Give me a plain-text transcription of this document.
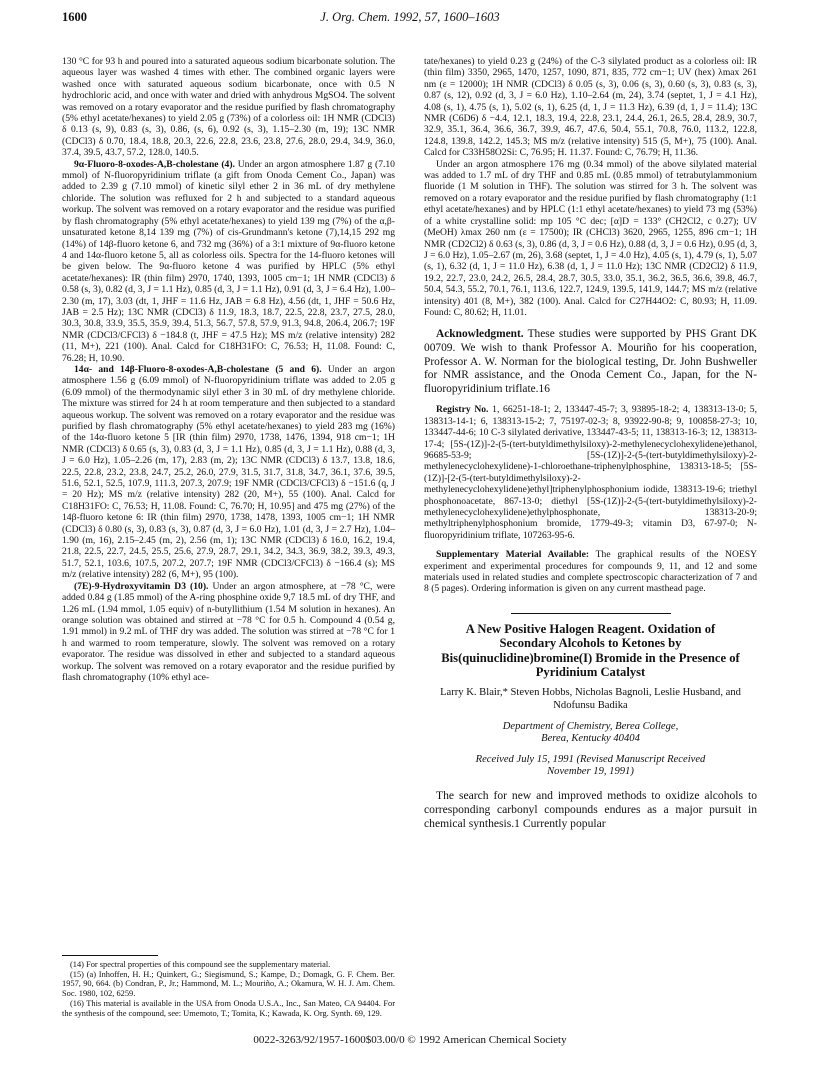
1600	J. Org. Chem. 1992, 57, 1600–1603

130 °C for 93 h and poured into a saturated aqueous sodium bicarbonate solution. The aqueous layer was washed 4 times with ether. The combined organic layers were washed once with saturated aqueous sodium bicarbonate, once with 0.5 N hydrochloric acid, and once with water and dried with anhydrous MgSO4. The solvent was removed on a rotary evaporator and the residue purified by flash chromatography (5% ethyl acetate/hexanes) to yield 2.05 g (73%) of a colorless oil: 1H NMR (CDCl3) δ 0.13 (s, 9), 0.83 (s, 3), 0.86, (s, 6), 0.92 (s, 3), 1.15–2.30 (m, 19); 13C NMR (CDCl3) δ 0.70, 18.4, 18.8, 20.3, 22.6, 22.8, 23.6, 23.8, 27.6, 28.0, 29.4, 34.9, 36.0, 37.4, 39.5, 43.7, 57.2, 128.0, 140.5.

9α-Fluoro-8-oxodes-A,B-cholestane (4). Under an argon atmosphere 1.87 g (7.10 mmol) of N-fluoropyridinium triflate (a gift from Onoda Cement Co., Japan) was added to 2.39 g (7.10 mmol) of kinetic silyl ether 2 in 36 mL of dry methylene chloride. The solution was refluxed for 2 h and subjected to a standard aqueous workup. The solvent was removed on a rotary evaporator and the residue was purified by flash chromatography (5% ethyl acetate/hexanes) to yield 139 mg (7%) of the α,β-unsaturated ketone 8,14 139 mg (7%) of cis-Grundmann's ketone (7),14,15 292 mg (14%) of 14β-fluoro ketone 6, and 732 mg (36%) of a 3:1 mixture of 9α-fluoro ketone 4 and 14α-fluoro ketone 5, all as colorless oils. Spectra for the 14-fluoro ketones will be given below. The 9α-fluoro ketone 4 was purified by HPLC (5% ethyl acetate/hexanes): IR (thin film) 2970, 1740, 1393, 1005 cm−1; 1H NMR (CDCl3) δ 0.58 (s, 3), 0.82 (d, 3, J = 1.1 Hz), 0.85 (d, 3, J = 1.1 Hz), 0.91 (d, 3, J = 6.4 Hz), 1.00–2.30 (m, 17), 3.03 (dt, 1, JHF = 11.6 Hz, JAB = 6.8 Hz), 4.56 (dt, 1, JHF = 50.6 Hz, JAB = 2.5 Hz); 13C NMR (CDCl3) δ 11.9, 18.3, 18.7, 22.5, 22.8, 23.7, 27.5, 28.0, 30.3, 30.8, 33.9, 35.5, 35.9, 39.4, 51.3, 56.7, 57.8, 57.9, 91.3, 94.8, 206.4, 206.7; 19F NMR (CDCl3/CFCl3) δ −184.8 (t, JHF = 47.5 Hz); MS m/z (relative intensity) 282 (11, M+), 221 (100). Anal. Calcd for C18H31FO: C, 76.53; H, 11.08. Found: C, 76.28; H, 10.90.

14α- and 14β-Fluoro-8-oxodes-A,B-cholestane (5 and 6). Under an argon atmosphere 1.56 g (6.09 mmol) of N-fluoropyridinium triflate was added to 2.05 g (6.09 mmol) of the thermodynamic silyl ether 3 in 30 mL of dry methylene chloride. The mixture was stirred for 24 h at room temperature and then subjected to a standard aqueous workup. The solvent was removed on a rotary evaporator and the residue was purified by flash chromatography (5% ethyl acetate/hexanes) to yield 283 mg (16%) of the 14α-fluoro ketone 5 [IR (thin film) 2970, 1738, 1476, 1394, 918 cm−1; 1H NMR (CDCl3) δ 0.65 (s, 3), 0.83 (d, 3, J = 1.1 Hz), 0.85 (d, 3, J = 1.1 Hz), 0.88 (d, 3, J = 6.0 Hz), 1.05–2.26 (m, 17), 2.83 (m, 2); 13C NMR (CDCl3) δ 13.7, 13.8, 18.6, 22.5, 22.8, 23.2, 23.8, 24.7, 25.2, 26.0, 27.9, 31.5, 31.7, 31.8, 34.7, 36.1, 37.6, 39.5, 51.6, 52.1, 52.5, 107.9, 111.3, 207.3, 207.9; 19F NMR (CDCl3/CFCl3) δ −151.6 (q, J = 20 Hz); MS m/z (relative intensity) 282 (20, M+), 55 (100). Anal. Calcd for C18H31FO: C, 76.53; H, 11.08. Found: C, 76.70; H, 10.95] and 475 mg (27%) of the 14β-fluoro ketone 6: IR (thin film) 2970, 1738, 1478, 1393, 1005 cm−1; 1H NMR (CDCl3) δ 0.80 (s, 3), 0.83 (s, 3), 0.87 (d, 3, J = 6.0 Hz), 1.01 (d, 3, J = 2.7 Hz), 1.04–1.90 (m, 16), 2.15–2.45 (m, 2), 2.56 (m, 1); 13C NMR (CDCl3) δ 16.0, 16.2, 19.4, 21.8, 22.5, 22.7, 24.5, 25.5, 25.6, 27.9, 28.7, 29.1, 34.2, 34.3, 36.9, 38.2, 39.3, 49.3, 51.7, 52.1, 103.6, 107.5, 207.2, 207.7; 19F NMR (CDCl3/CFCl3) δ −166.4 (s); MS m/z (relative intensity) 282 (6, M+), 95 (100).

(7E)-9-Hydroxyvitamin D3 (10). Under an argon atmosphere, at −78 °C, were added 0.84 g (1.85 mmol) of the A-ring phosphine oxide 9,7 18.5 mL of dry THF, and 1.26 mL (1.94 mmol, 1.05 equiv) of n-butyllithium (1.54 M solution in hexanes). An orange solution was obtained and stirred at −78 °C for 0.5 h. Compound 4 (0.54 g, 1.91 mmol) in 9.2 mL of THF dry was added. The solution was stirred at −78 °C for 1 h and warmed to room temperature, slowly. The solvent was removed on a rotary evaporator. The residue was dissolved in ether and subjected to a standard aqueous workup. The solvent was removed on a rotary evaporator and the residue purified by flash chromatography (10% ethyl ace-

(14) For spectral properties of this compound see the supplementary material.

(15) (a) Inhoffen, H. H.; Quinkert, G.; Siegismund, S.; Kampe, D.; Domagk, G. F. Chem. Ber. 1957, 90, 664. (b) Condran, P., Jr.; Hammond, M. L.; Mouriño, A.; Okamura, W. H. J. Am. Chem. Soc. 1980, 102, 6259.

(16) This material is available in the USA from Onoda U.S.A., Inc., San Mateo, CA 94404. For the synthesis of the compound, see: Umemoto, T.; Tomita, K.; Kawada, K. Org. Synth. 69, 129.

tate/hexanes) to yield 0.23 g (24%) of the C-3 silylated product as a colorless oil: IR (thin film) 3350, 2965, 1470, 1257, 1090, 871, 835, 772 cm−1; UV (hex) λmax 261 nm (ε = 12000); 1H NMR (CDCl3) δ 0.05 (s, 3), 0.06 (s, 3), 0.60 (s, 3), 0.83 (s, 3), 0.87 (s, 12), 0.92 (d, 3, J = 6.0 Hz), 1.10–2.64 (m, 24), 3.74 (septet, 1, J = 4.1 Hz), 4.08 (s, 1), 4.75 (s, 1), 5.02 (s, 1), 6.25 (d, 1, J = 11.3 Hz), 6.39 (d, 1, J = 11.4); 13C NMR (C6D6) δ −4.4, 12.1, 18.3, 19.4, 22.8, 23.1, 24.4, 26.1, 26.5, 28.4, 28.9, 30.7, 32.9, 35.1, 36.4, 36.6, 36.7, 39.9, 46.7, 47.6, 50.4, 55.1, 70.8, 76.0, 113.2, 122.8, 124.8, 139.8, 142.2, 145.3; MS m/z (relative intensity) 515 (5, M+), 75 (100). Anal. Calcd for C33H58O2Si: C, 76.95; H. 11.37. Found: C, 76.79; H, 11.36.

Under an argon atmosphere 176 mg (0.34 mmol) of the above silylated material was added to 1.7 mL of dry THF and 0.85 mL (0.85 mmol) of tetrabutylammonium fluoride (1 M solution in THF). The solution was stirred for 3 h. The solvent was removed on a rotary evaporator and the residue purified by flash chromatography (1:1 ethyl acetate/hexanes) and by HPLC (1:1 ethyl acetate/hexanes) to yield 73 mg (53%) of a white crystalline solid: mp 105 °C dec; [α]D = 133° (CH2Cl2, c 0.27); UV (MeOH) λmax 260 nm (ε = 17500); IR (CHCl3) 3620, 2965, 1255, 896 cm−1; 1H NMR (CD2Cl2) δ 0.63 (s, 3), 0.86 (d, 3, J = 0.6 Hz), 0.88 (d, 3, J = 0.6 Hz), 0.95 (d, 3, J = 6.0 Hz), 1.05–2.67 (m, 26), 3.68 (septet, 1, J = 4.0 Hz), 4.05 (s, 1), 4.79 (s, 1), 5.07 (s, 1), 6.32 (d, 1, J = 11.0 Hz), 6.38 (d, 1, J = 11.0 Hz); 13C NMR (CD2Cl2) δ 11.9, 19.2, 22.7, 23.0, 24.2, 26.5, 28.4, 28.7, 30.5, 33.0, 35.1, 36.2, 36.5, 36.6, 39.8, 46.7, 50.4, 54.3, 55.2, 70.1, 76.1, 113.6, 122.7, 124.9, 139.5, 141.9, 144.7; MS m/z (relative intensity) 401 (8, M+), 382 (100). Anal. Calcd for C27H44O2: C, 80.93; H, 11.09. Found: C, 80.62; H, 11.01.

Acknowledgment. These studies were supported by PHS Grant DK 00709. We wish to thank Professor A. Mouriño for his cooperation, Professor A. W. Norman for the biological testing, Dr. John Bushweller for NMR assistance, and the Onoda Cement Co., Japan, for the N-fluoropyridinium triflate.16

Registry No. 1, 66251-18-1; 2, 133447-45-7; 3, 93895-18-2; 4, 138313-13-0; 5, 138313-14-1; 6, 138313-15-2; 7, 75197-02-3; 8, 93922-90-8; 9, 100858-27-3; 10, 133447-44-6; 10 C-3 silylated derivative, 133447-43-5; 11, 138313-16-3; 12, 138313-17-4; [5S-(1Z)]-2-(5-(tert-butyldimethylsiloxy)-2-methylenecyclohexylidene)ethanol, 96685-53-9; [5S-(1Z)]-2-(5-(tert-butyldimethylsiloxy)-2-methylenecyclohexylidene)-1-chloroethane-triphenylphosphine, 138313-18-5; [5S-(1Z)]-[2-(5-(tert-butyldimethylsiloxy)-2-methylenecyclohexylidene)ethyl]triphenylphosphonium iodide, 138313-19-6; triethyl phosphonoacetate, 867-13-0; diethyl [5S-(1Z)]-2-(5-(tert-butyldimethylsiloxy)-2-methylenecyclohexylidene)ethylphosphonate, 138313-20-9; methyltriphenylphosphonium bromide, 1779-49-3; vitamin D3, 67-97-0; N-fluoropyridinium triflate, 107263-95-6.

Supplementary Material Available: The graphical results of the NOESY experiment and experimental procedures for compounds 9, 11, and 12 and some materials used in related studies and complete spectroscopic characterization of 7 and 8 (5 pages). Ordering information is given on any current masthead page.

A New Positive Halogen Reagent. Oxidation of Secondary Alcohols to Ketones by Bis(quinuclidine)bromine(I) Bromide in the Presence of Pyridinium Catalyst
Larry K. Blair,* Steven Hobbs, Nicholas Bagnoli, Leslie Husband, and Ndofunsu Badika
Department of Chemistry, Berea College,
Berea, Kentucky 40404
Received July 15, 1991 (Revised Manuscript Received
November 19, 1991)

The search for new and improved methods to oxidize alcohols to corresponding carbonyl compounds endures as a major pursuit in chemical synthesis.1 Currently popular

0022-3263/92/1957-1600$03.00/0 © 1992 American Chemical Society
